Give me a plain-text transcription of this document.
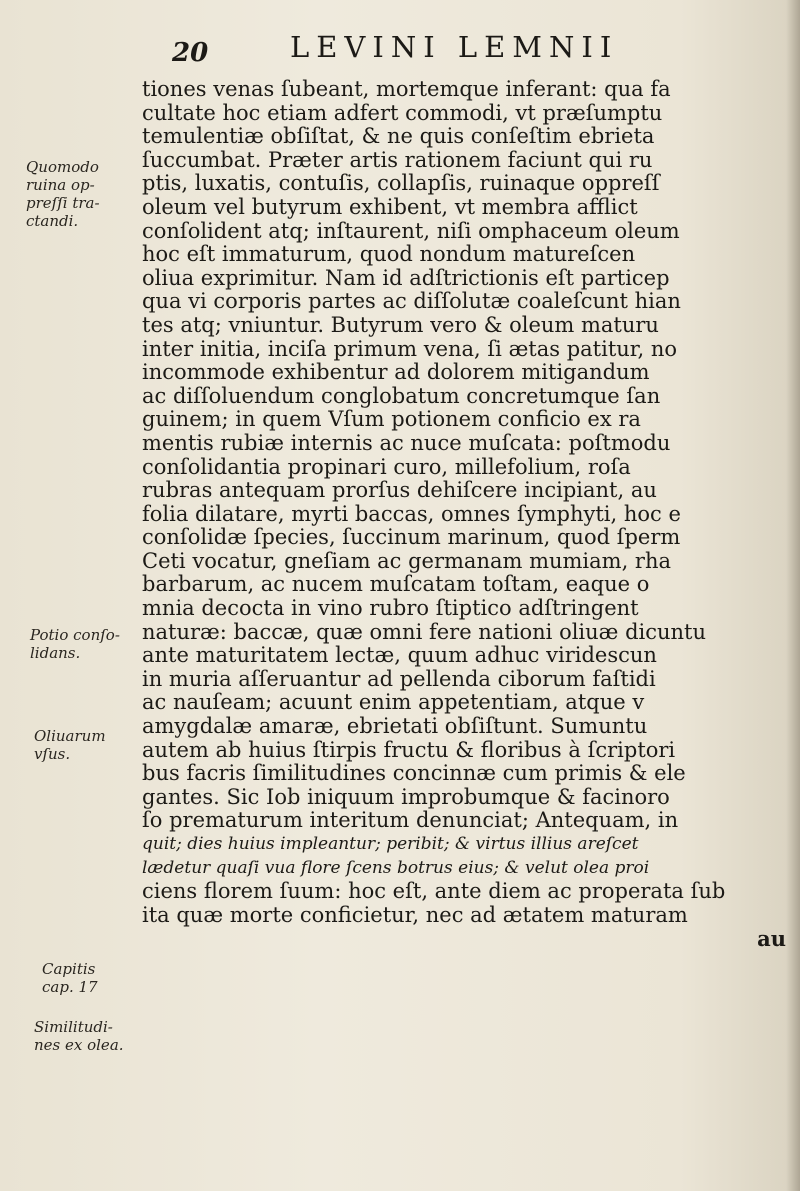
20	LEVINI LEMNII
Quomodo
ruina op-
preſſi tra-
ctandi.
Potio conſo-
lidans.
Oliuarum
vſus.
Capitis
cap. 17
Similitudi-
nes ex olea.
tiones venas ſubeant, mortemque inferant: qua fa
cultate hoc etiam adfert commodi, vt præſumptu
temulentiæ obſiſtat, & ne quis conſeſtim ebrieta
ſuccumbat. Præter artis rationem faciunt qui ru
ptis, luxatis, contuſis, collapſis, ruinaque oppreſſ
oleum vel butyrum exhibent, vt membra afflict
conſolident atq; inſtaurent, niſi omphaceum oleum
hoc eſt immaturum, quod nondum matureſcen
oliua exprimitur. Nam id adſtrictionis eſt particep
qua vi corporis partes ac diſſolutæ coaleſcunt hian
tes atq; vniuntur. Butyrum vero & oleum maturu
inter initia, inciſa primum vena, ſi ætas patitur, no
incommode exhibentur ad dolorem mitigandum
ac diſſoluendum conglobatum concretumque ſan
guinem; in quem Vſum potionem conficio ex ra
mentis rubiæ internis ac nuce muſcata: poſtmodu
conſolidantia propinari curo, millefolium, roſa
rubras antequam prorſus dehiſcere incipiant, au
folia dilatare, myrti baccas, omnes ſymphyti, hoc e
conſolidæ ſpecies, ſuccinum marinum, quod ſperm
Ceti vocatur, gneſiam ac germanam mumiam, rha
barbarum, ac nucem muſcatam toſtam, eaque o
mnia decocta in vino rubro ſtiptico adſtringent
naturæ: baccæ, quæ omni fere nationi oliuæ dicuntu
ante maturitatem lectæ, quum adhuc viridescun
in muria aſſeruantur ad pellenda ciborum faſtidi
ac nauſeam; acuunt enim appetentiam, atque v
amygdalæ amaræ, ebrietati obſiſtunt. Sumuntu
autem ab huius ſtirpis fructu & floribus à ſcriptori
bus facris ſimilitudines concinnæ cum primis & ele
gantes. Sic Iob iniquum improbumque & facinoro
ſo prematurum interitum denunciat; Antequam, in
quit; dies huius impleantur; peribit; & virtus illius areſcet
lædetur quaſi vua flore ſcens botrus eius; & velut olea proi
ciens florem ſuum: hoc eſt, ante diem ac properata ſub
ita quæ morte conficietur, nec ad ætatem maturam
au
